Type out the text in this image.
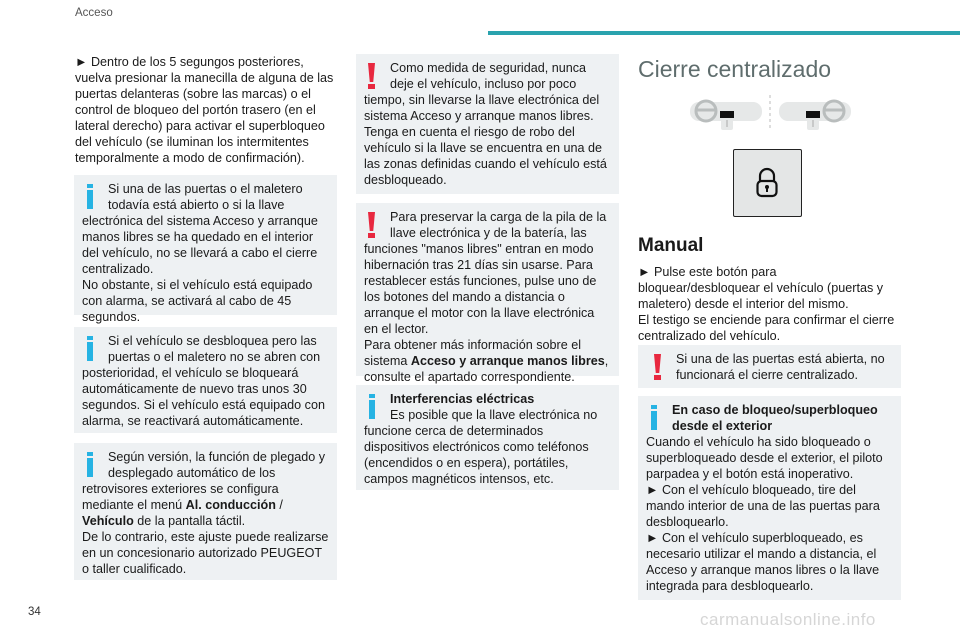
Acceso

► Dentro de los 5 segungos posteriores, vuelva presionar la manecilla de alguna de las puertas delanteras (sobre las marcas) o el control de bloqueo del portón trasero (en el lateral derecho) para activar el superbloqueo del vehículo (se iluminan los intermitentes temporalmente a modo de confirmación).

Si una de las puertas o el maletero todavía está abierto o si la llave electrónica del sistema Acceso y arranque manos libres se ha quedado en el interior del vehículo, no se llevará a cabo el cierre centralizado.

No obstante, si el vehículo está equipado con alarma, se activará al cabo de 45 segundos.

Si el vehículo se desbloquea pero las puertas o el maletero no se abren con posterioridad, el vehículo se bloqueará automáticamente de nuevo tras unos 30 segundos. Si el vehículo está equipado con alarma, se reactivará automáticamente.

Según versión, la función de plegado y desplegado automático de los retrovisores exteriores se configura mediante el menú Al. conducción / Vehículo de la pantalla táctil.

De lo contrario, este ajuste puede realizarse en un concesionario autorizado PEUGEOT o taller cualificado.

Como medida de seguridad, nunca deje el vehículo, incluso por poco tiempo, sin llevarse la llave electrónica del sistema Acceso y arranque manos libres.

Tenga en cuenta el riesgo de robo del vehículo si la llave se encuentra en una de las zonas definidas cuando el vehículo está desbloqueado.

Para preservar la carga de la pila de la llave electrónica y de la batería, las funciones "manos libres" entran en modo hibernación tras 21 días sin usarse. Para restablecer estás funciones, pulse uno de los botones del mando a distancia o arranque el motor con la llave electrónica en el lector.

Para obtener más información sobre el sistema Acceso y arranque manos libres, consulte el apartado correspondiente.

Interferencias eléctricas

Es posible que la llave electrónica no funcione cerca de determinados dispositivos electrónicos como teléfonos (encendidos o en espera), portátiles, campos magnéticos intensos, etc.

Cierre centralizado
Manual

► Pulse este botón para bloquear/desbloquear el vehículo (puertas y maletero) desde el interior del mismo.

El testigo se enciende para confirmar el cierre centralizado del vehículo.

Si una de las puertas está abierta, no funcionará el cierre centralizado.

En caso de bloqueo/superbloqueo desde el exterior

Cuando el vehículo ha sido bloqueado o superbloqueado desde el exterior, el piloto parpadea y el botón está inoperativo.

► Con el vehículo bloqueado, tire del mando interior de una de las puertas para desbloquearlo.

► Con el vehículo superbloqueado, es necesario utilizar el mando a distancia, el Acceso y arranque manos libres o la llave integrada para desbloquearlo.

34	carmanualsonline.info
